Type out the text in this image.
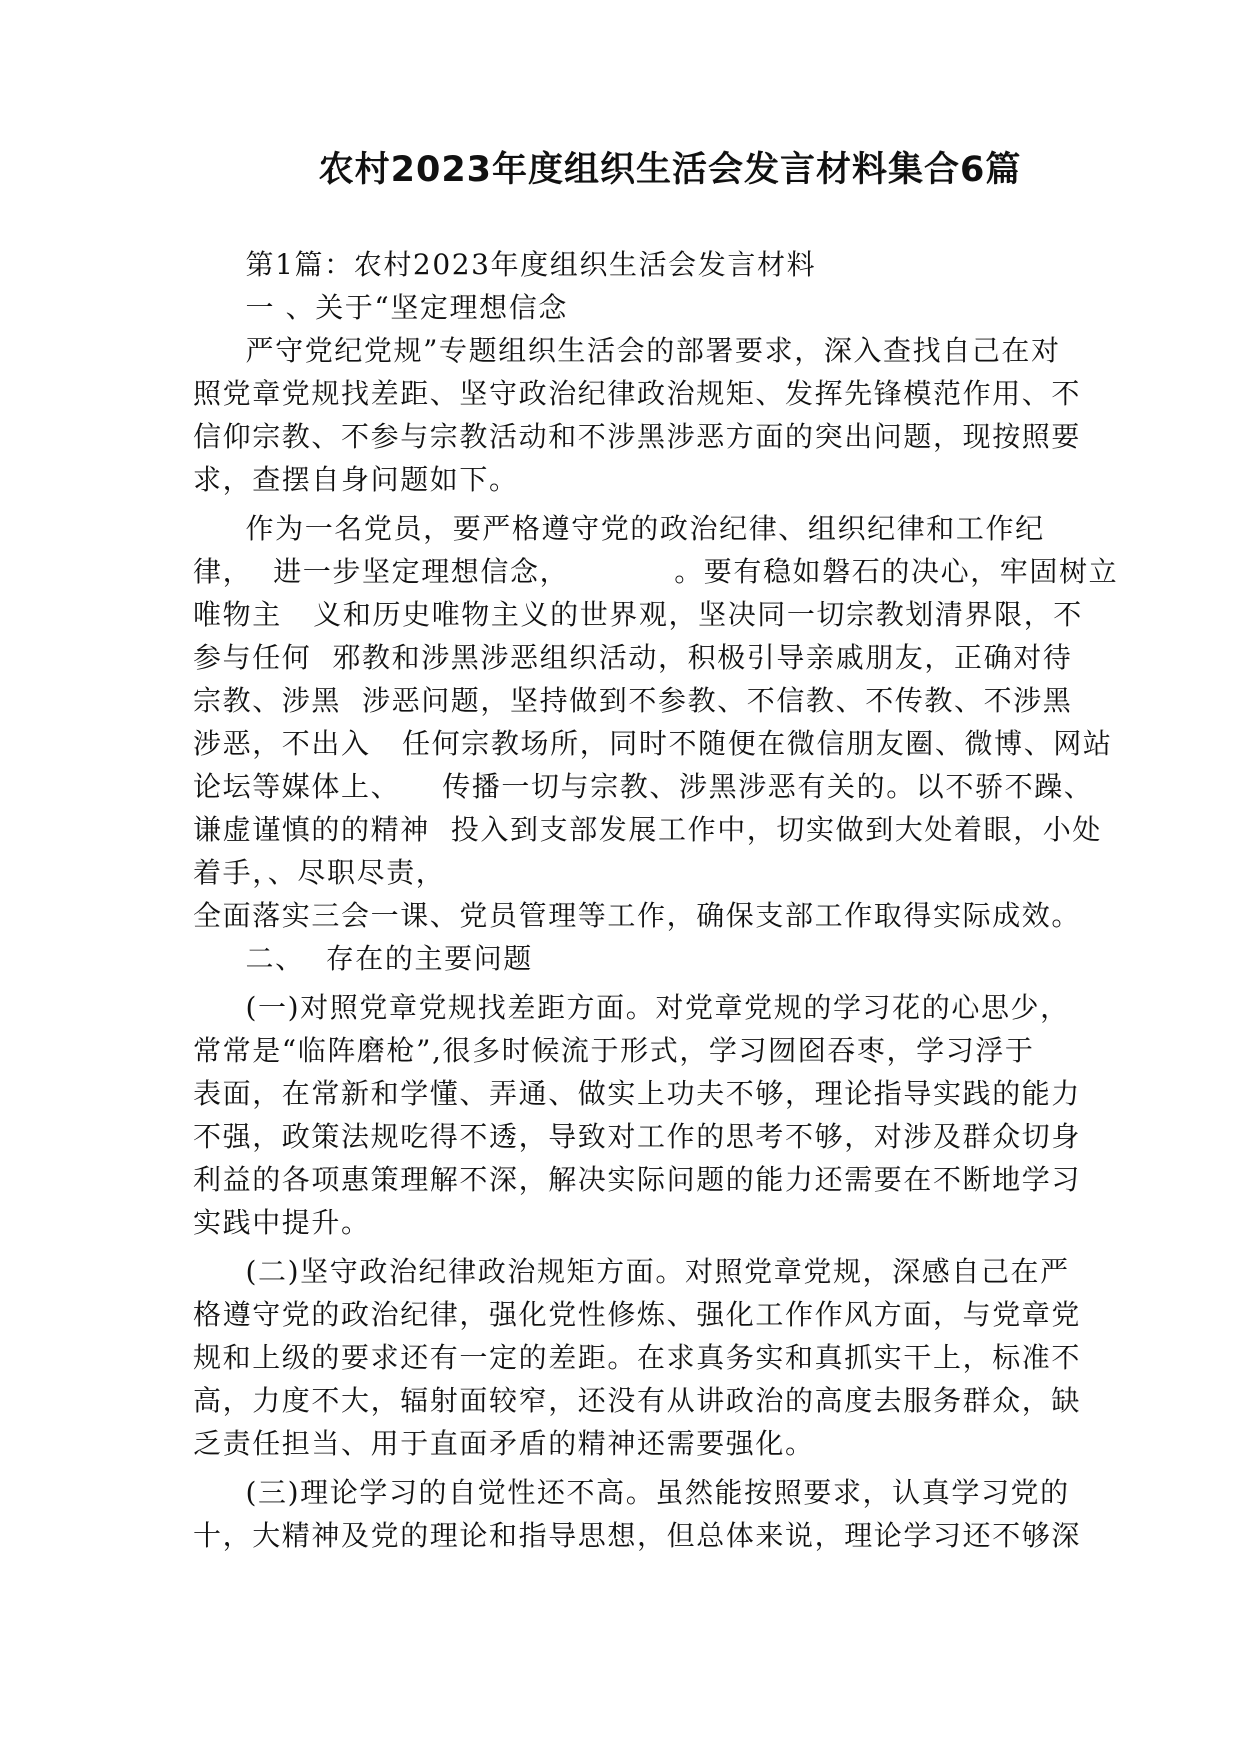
农村2023年度组织生活会发言材料集合6篇
第1篇：农村2023年度组织生活会发言材料
一 、关于“坚定理想信念
严守党纪党规”专题组织生活会的部署要求，深入查找自己在对
照党章党规找差距、坚守政治纪律政治规矩、发挥先锋模范作用、不
信仰宗教、不参与宗教活动和不涉黑涉恶方面的突出问题，现按照要
求，查摆自身问题如下。
作为一名党员，要严格遵守党的政治纪律、组织纪律和工作纪
律，  进一步坚定理想信念，          。要有稳如磐石的决心，牢固树立
唯物主   义和历史唯物主义的世界观，坚决同一切宗教划清界限，不
参与任何  邪教和涉黑涉恶组织活动，积极引导亲戚朋友，正确对待
宗教、涉黑  涉恶问题，坚持做到不参教、不信教、不传教、不涉黑
涉恶，不出入   任何宗教场所，同时不随便在微信朋友圈、微博、网站
论坛等媒体上、    传播一切与宗教、涉黑涉恶有关的。以不骄不躁、
谦虚谨慎的的精神  投入到支部发展工作中，切实做到大处着眼，小处
着手，、尽职尽责，
全面落实三会一课、党员管理等工作，确保支部工作取得实际成效。
二、  存在的主要问题
(一)对照党章党规找差距方面。对党章党规的学习花的心思少，
常常是“临阵磨枪”,很多时候流于形式，学习囫囵吞枣，学习浮于
表面，在常新和学懂、弄通、做实上功夫不够，理论指导实践的能力
不强，政策法规吃得不透，导致对工作的思考不够，对涉及群众切身
利益的各项惠策理解不深，解决实际问题的能力还需要在不断地学习
实践中提升。
(二)坚守政治纪律政治规矩方面。对照党章党规，深感自己在严
格遵守党的政治纪律，强化党性修炼、强化工作作风方面，与党章党
规和上级的要求还有一定的差距。在求真务实和真抓实干上，标准不
高，力度不大，辐射面较窄，还没有从讲政治的高度去服务群众，缺
乏责任担当、用于直面矛盾的精神还需要强化。
(三)理论学习的自觉性还不高。虽然能按照要求，认真学习党的
十，大精神及党的理论和指导思想，但总体来说，理论学习还不够深
